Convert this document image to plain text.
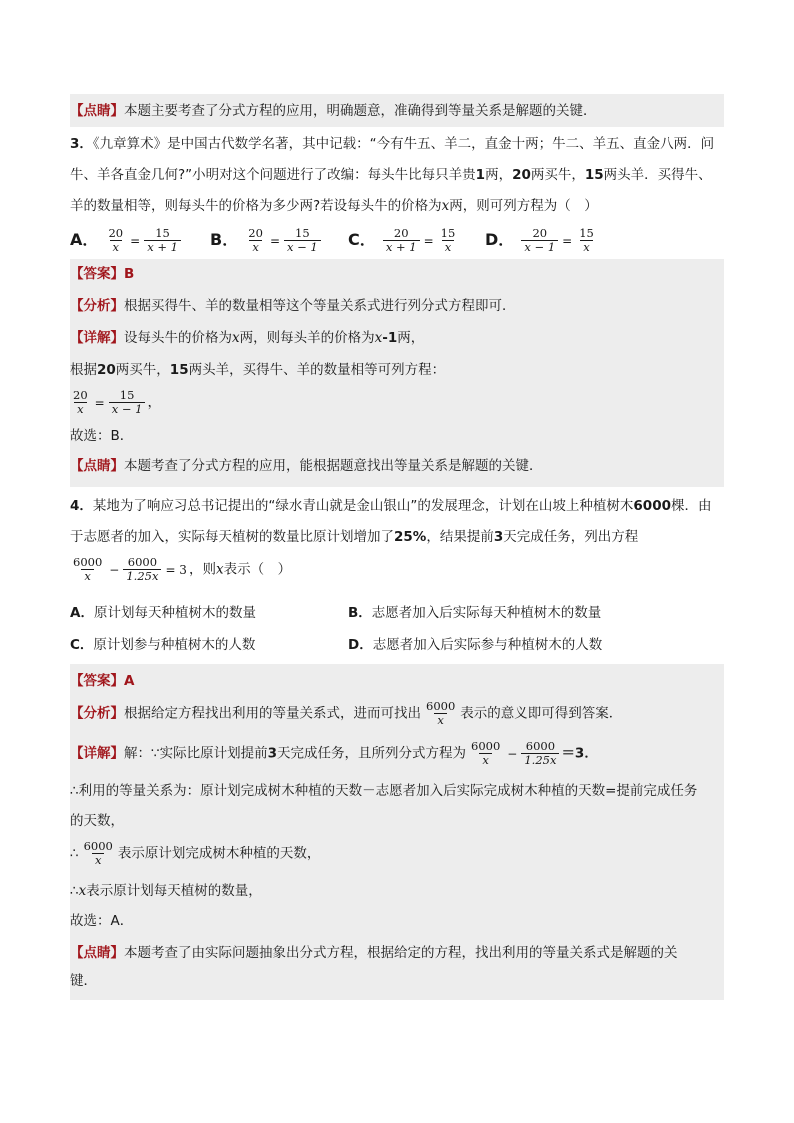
【点睛】本题主要考查了分式方程的应用，明确题意，准确得到等量关系是解题的关键．
3．《九章算术》是中国古代数学名著，其中记载：“今有牛五、羊二，直金十两；牛二、羊五、直金八两．问
牛、羊各直金几何?”小明对这个问题进行了改编：每头牛比每只羊贵1两，20两买牛，15两头羊．买得牛、
羊的数量相等，则每头牛的价格为多少两?若设每头牛的价格为x两，则可列方程为（　）
A． $\frac{20}{x} = \frac{15}{x + 1}$ B． $\frac{20}{x} = \frac{15}{x - 1}$ C． $\frac{20}{x + 1} = \frac{15}{x}$ D． $\frac{20}{x - 1} = \frac{15}{x}$
【答案】B
【分析】根据买得牛、羊的数量相等这个等量关系式进行列分式方程即可．
【详解】设每头牛的价格为x两，则每头羊的价格为x-1两，
根据20两买牛，15两头羊，买得牛、羊的数量相等可列方程：
$\frac{20}{x} = \frac{15}{x - 1}$ ，
故选：B．
【点睛】本题考查了分式方程的应用，能根据题意找出等量关系是解题的关键．
4．某地为了响应习总书记提出的“绿水青山就是金山银山”的发展理念，计划在山坡上种植树木6000棵．由
于志愿者的加入，实际每天植树的数量比原计划增加了25%，结果提前3天完成任务，列出方程
$\frac{6000}{x} - \frac{6000}{1.25x} = 3$ ，则x表示（　）
A．原计划每天种植树木的数量	B．志愿者加入后实际每天种植树木的数量
C．原计划参与种植树木的人数	D．志愿者加入后实际参与种植树木的人数
【答案】A
【分析】根据给定方程找出利用的等量关系式，进而可找出 $\frac{6000}{x}$ 表示的意义即可得到答案．
【详解】解：∵实际比原计划提前3天完成任务，且所列分式方程为 $\frac{6000}{x} - \frac{6000}{1.25x} =3$．
∴利用的等量关系为：原计划完成树木种植的天数－志愿者加入后实际完成树木种植的天数=提前完成任务
的天数，
∴ $\frac{6000}{x}$ 表示原计划完成树木种植的天数，
∴x表示原计划每天植树的数量，
故选：A．
【点睛】本题考查了由实际问题抽象出分式方程，根据给定的方程，找出利用的等量关系式是解题的关
键．
